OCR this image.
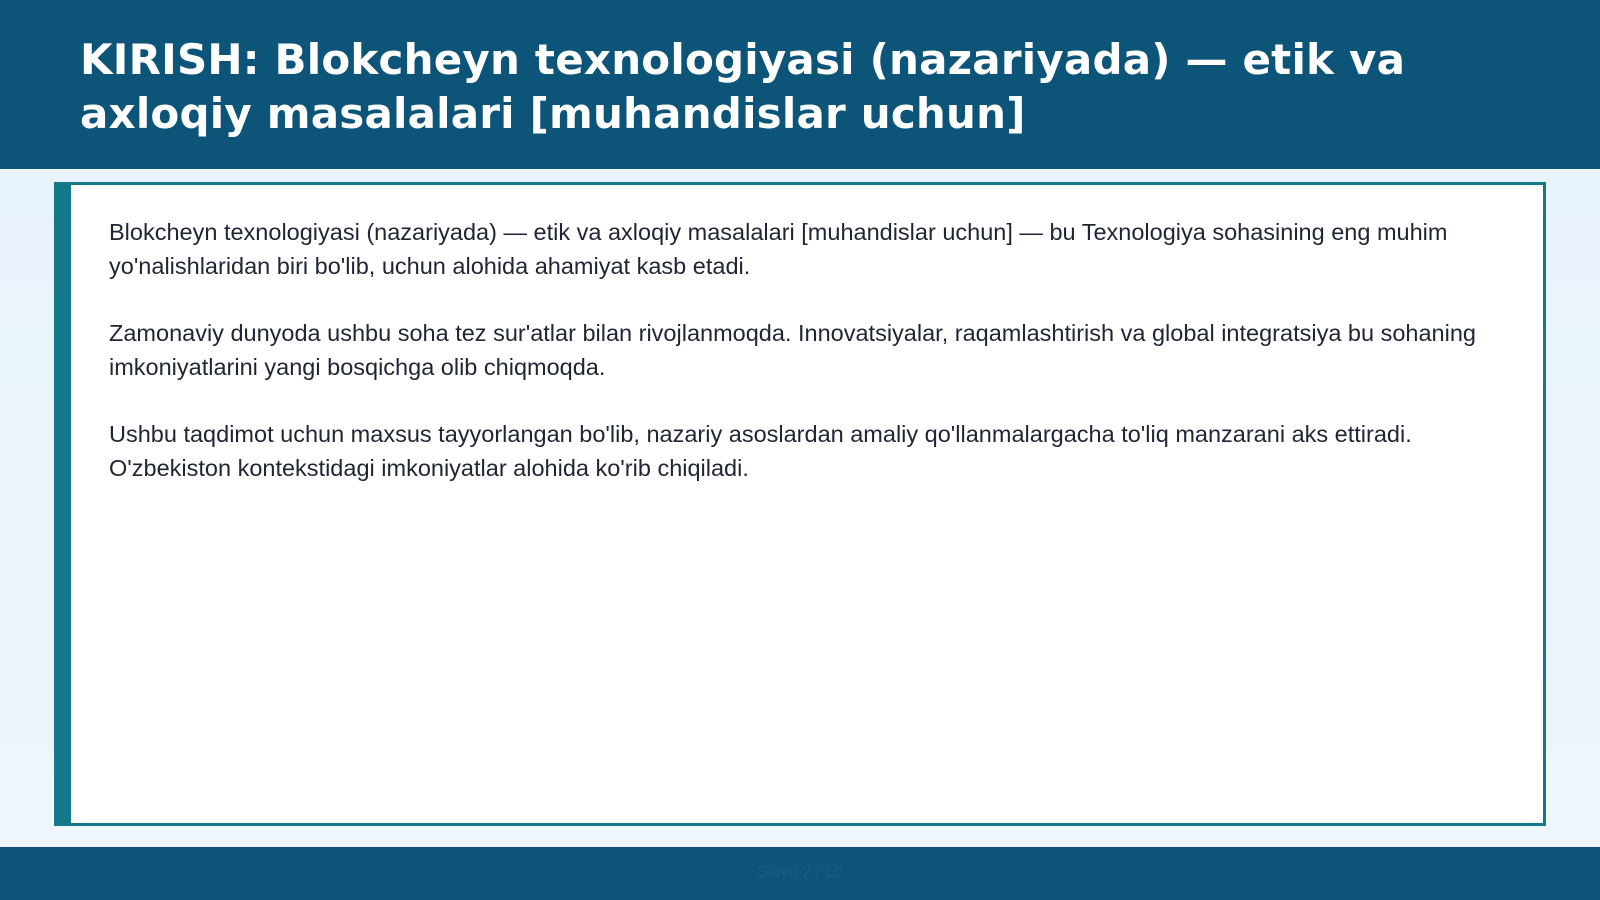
KIRISH: Blokcheyn texnologiyasi (nazariyada) — etik va axloqiy masalalari [muhandislar uchun]

Blokcheyn texnologiyasi (nazariyada) — etik va axloqiy masalalari [muhandislar uchun] — bu Texnologiya sohasining eng muhim yo'nalishlaridan biri bo'lib, uchun alohida ahamiyat kasb etadi.

Zamonaviy dunyoda ushbu soha tez sur'atlar bilan rivojlanmoqda. Innovatsiyalar, raqamlashtirish va global integratsiya bu sohaning imkoniyatlarini yangi bosqichga olib chiqmoqda.

Ushbu taqdimot uchun maxsus tayyorlangan bo'lib, nazariy asoslardan amaliy qo'llanmalargacha to'liq manzarani aks ettiradi. O'zbekiston kontekstidagi imkoniyatlar alohida ko'rib chiqiladi.

Slayd 2 / 10
